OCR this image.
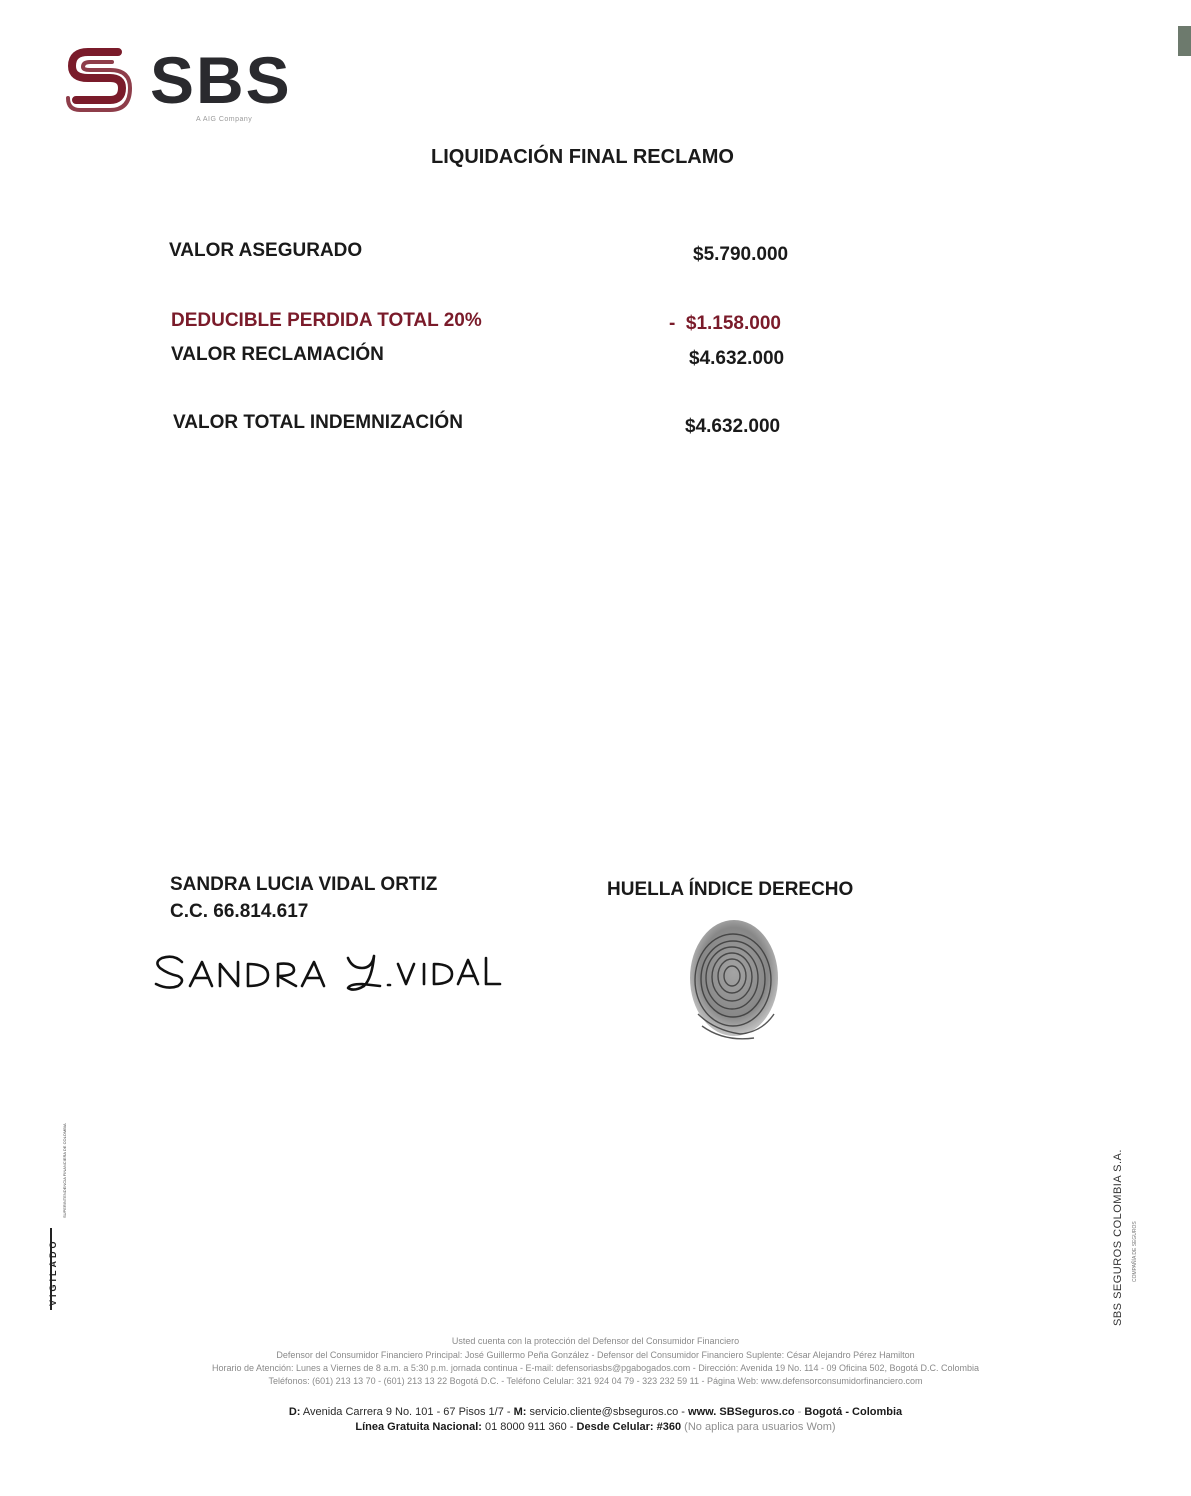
SBS
A AIG Company
LIQUIDACIÓN FINAL RECLAMO
VALOR ASEGURADO	$5.790.000
DEDUCIBLE PERDIDA TOTAL 20%	-  $1.158.000
VALOR RECLAMACIÓN	$4.632.000
VALOR TOTAL INDEMNIZACIÓN	$4.632.000
SANDRA LUCIA VIDAL ORTIZ
C.C. 66.814.617
HUELLA ÍNDICE DERECHO
SUPERINTENDENCIA FINANCIERA DE COLOMBIA
VIGILADO	SBS SEGUROS COLOMBIA S.A. COMPAÑÍA DE SEGUROS
Usted cuenta con la protección del Defensor del Consumidor Financiero
Defensor del Consumidor Financiero Principal: José Guillermo Peña González - Defensor del Consumidor Financiero Suplente: César Alejandro Pérez Hamilton
Horario de Atención: Lunes a Viernes de 8 a.m. a 5:30 p.m. jornada continua - E-mail: defensoriasbs@pgabogados.com - Dirección: Avenida 19 No. 114 - 09 Oficina 502, Bogotá D.C. Colombia
Teléfonos: (601) 213 13 70 - (601) 213 13 22 Bogotá D.C. - Teléfono Celular: 321 924 04 79 - 323 232 59 11 - Página Web: www.defensorconsumidorfinanciero.com
D: Avenida Carrera 9 No. 101 - 67 Pisos 1/7 - M: servicio.cliente@sbseguros.co - www. SBSeguros.co - Bogotá - Colombia
Línea Gratuita Nacional: 01 8000 911 360 - Desde Celular: #360 (No aplica para usuarios Wom)
